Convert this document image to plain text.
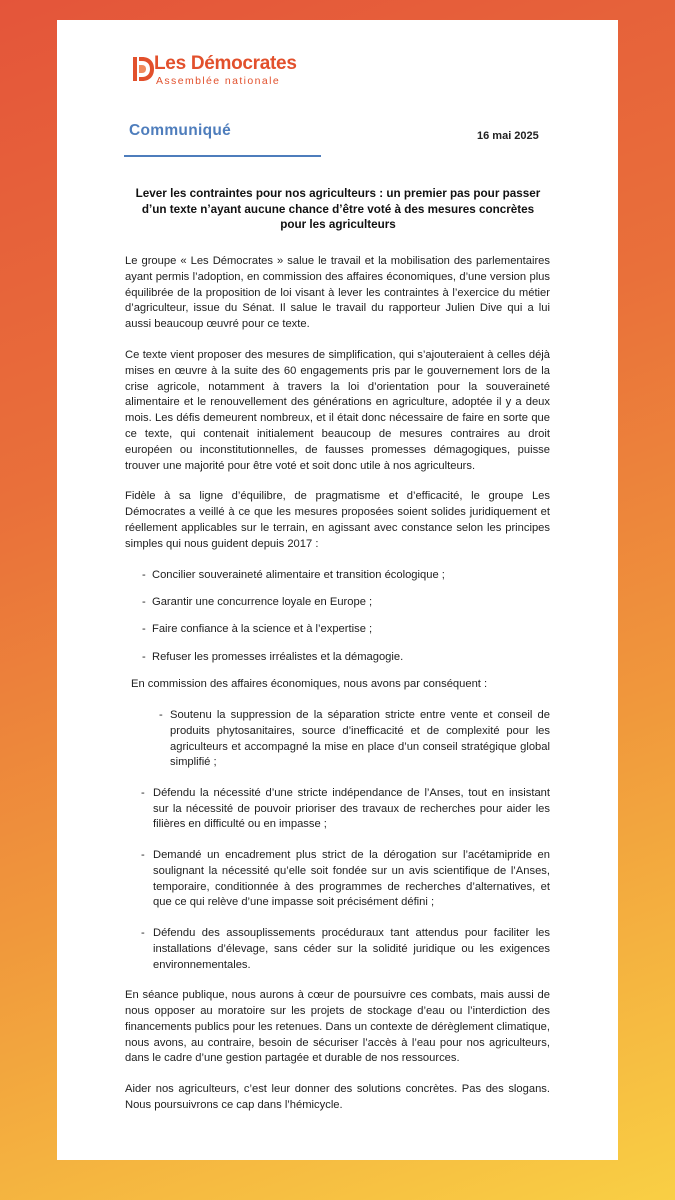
Les Démocrates
Assemblée nationale
Communiqué	16 mai 2025
Lever les contraintes pour nos agriculteurs : un premier pas pour passer d’un texte n’ayant aucune chance d’être voté à des mesures concrètes pour les agriculteurs

Le groupe « Les Démocrates » salue le travail et la mobilisation des parlementaires ayant permis l’adoption, en commission des affaires économiques, d’une version plus équilibrée de la proposition de loi visant à lever les contraintes à l’exercice du métier d’agriculteur, issue du Sénat. Il salue le travail du rapporteur Julien Dive qui a lui aussi beaucoup œuvré pour ce texte.

Ce texte vient proposer des mesures de simplification, qui s’ajouteraient à celles déjà mises en œuvre à la suite des 60 engagements pris par le gouvernement lors de la crise agricole, notamment à travers la loi d’orientation pour la souveraineté alimentaire et le renouvellement des générations en agriculture, adoptée il y a deux mois. Les défis demeurent nombreux, et il était donc nécessaire de faire en sorte que ce texte, qui contenait initialement beaucoup de mesures contraires au droit européen ou inconstitutionnelles, de fausses promesses démagogiques, puisse trouver une majorité pour être voté et soit donc utile à nos agriculteurs.

Fidèle à sa ligne d’équilibre, de pragmatisme et d’efficacité, le groupe Les Démocrates a veillé à ce que les mesures proposées soient solides juridiquement et réellement applicables sur le terrain, en agissant avec constance selon les principes simples qui nous guident depuis 2017 :

- Concilier souveraineté alimentaire et transition écologique ;
- Garantir une concurrence loyale en Europe ;
- Faire confiance à la science et à l’expertise ;
- Refuser les promesses irréalistes et la démagogie.

En commission des affaires économiques, nous avons par conséquent :

- Soutenu la suppression de la séparation stricte entre vente et conseil de produits phytosanitaires, source d’inefficacité et de complexité pour les agriculteurs et accompagné la mise en place d’un conseil stratégique global simplifié ;
- Défendu la nécessité d’une stricte indépendance de l’Anses, tout en insistant sur la nécessité de pouvoir prioriser des travaux de recherches pour aider les filières en difficulté ou en impasse ;
- Demandé un encadrement plus strict de la dérogation sur l’acétamipride en soulignant la nécessité qu’elle soit fondée sur un avis scientifique de l’Anses, temporaire, conditionnée à des programmes de recherches d’alternatives, et que ce qui relève d’une impasse soit précisément défini ;
- Défendu des assouplissements procéduraux tant attendus pour faciliter les installations d’élevage, sans céder sur la solidité juridique ou les exigences environnementales.

En séance publique, nous aurons à cœur de poursuivre ces combats, mais aussi de nous opposer au moratoire sur les projets de stockage d’eau ou l’interdiction des financements publics pour les retenues. Dans un contexte de dérèglement climatique, nous avons, au contraire, besoin de sécuriser l’accès à l’eau pour nos agriculteurs, dans le cadre d’une gestion partagée et durable de nos ressources.

Aider nos agriculteurs, c’est leur donner des solutions concrètes. Pas des slogans. Nous poursuivrons ce cap dans l’hémicycle.
